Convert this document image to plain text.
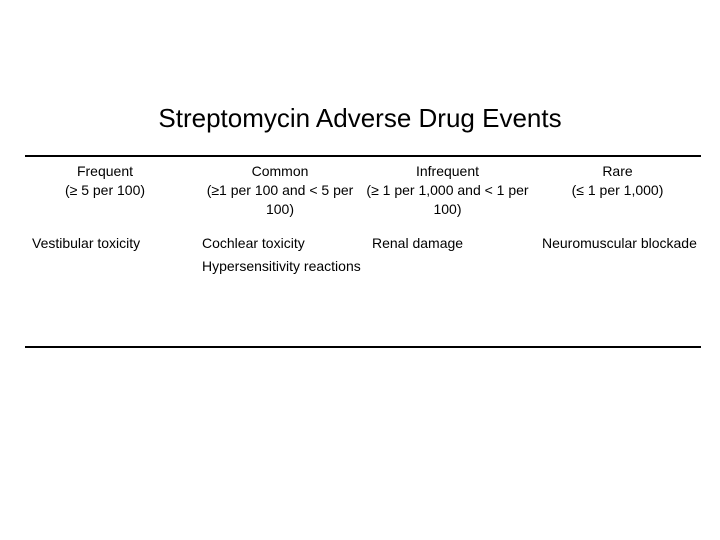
Streptomycin Adverse Drug Events
Frequent
(≥ 5 per 100)
Vestibular toxicity
Common
(≥1 per 100 and < 5 per 100)
Cochlear toxicity
Hypersensitivity reactions
Infrequent
(≥ 1 per 1,000 and < 1 per 100)
Renal damage
Rare
(≤ 1 per 1,000)
Neuromuscular blockade
